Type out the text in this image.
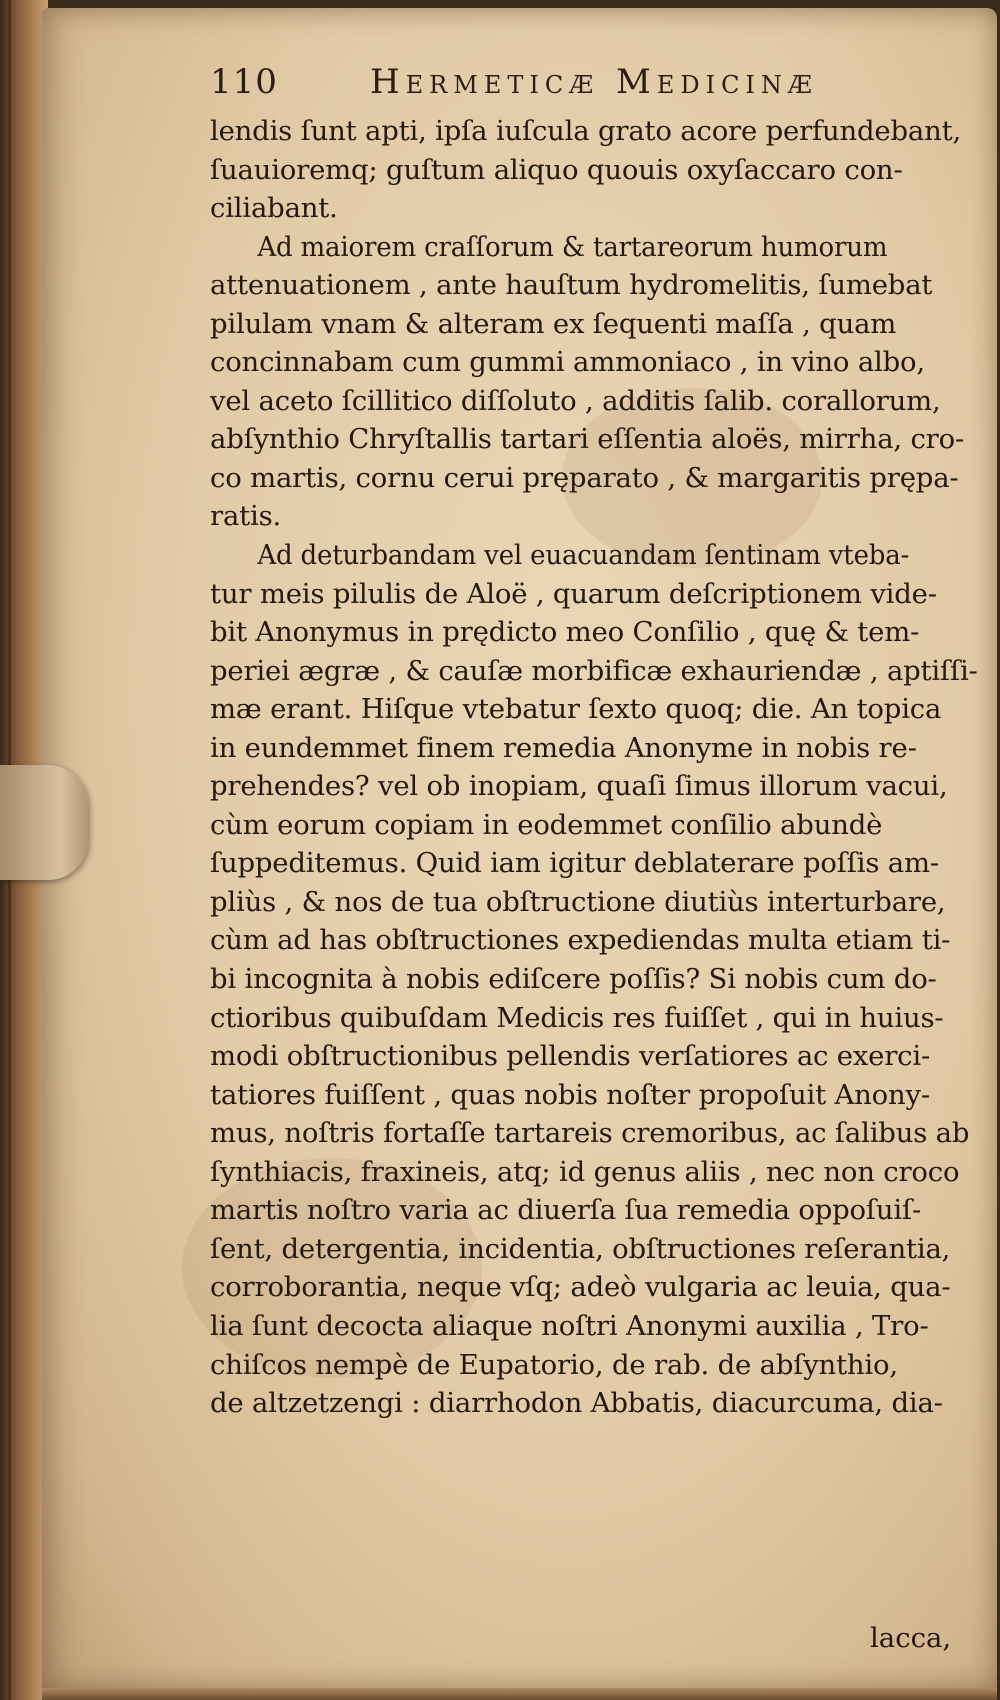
110	Hermeticæ Medicinæ
lendis ſunt apti, ipſa iuſcula grato acore perfundebant,
ſuauioremq; guſtum aliquo quouis oxyſaccaro con-
ciliabant.
Ad maiorem craſſorum & tartareorum humorum
attenuationem , ante hauſtum hydromelitis, ſumebat
pilulam vnam & alteram ex ſequenti maſſa , quam
concinnabam cum gummi ammoniaco , in vino albo,
vel aceto ſcillitico diſſoluto , additis ſalib. corallorum,
abſynthio Chryſtallis tartari eſſentia aloës, mirrha, cro-
co martis, cornu cerui pręparato , & margaritis prępa-
ratis.
Ad deturbandam vel euacuandam ſentinam vteba-
tur meis pilulis de Aloë , quarum deſcriptionem vide-
bit Anonymus in prędicto meo Conſilio , quę & tem-
periei ægræ , & cauſæ morbificæ exhauriendæ , aptiſſi-
mæ erant. Hiſque vtebatur ſexto quoq; die. An topica
in eundemmet finem remedia Anonyme in nobis re-
prehendes? vel ob inopiam, quaſi ſimus illorum vacui,
cùm eorum copiam in eodemmet conſilio abundè
ſuppeditemus. Quid iam igitur deblaterare poſſis am-
pliùs , & nos de tua obſtructione diutiùs interturbare,
cùm ad has obſtructiones expediendas multa etiam ti-
bi incognita à nobis ediſcere poſſis? Si nobis cum do-
ctioribus quibuſdam Medicis res fuiſſet , qui in huius-
modi obſtructionibus pellendis verſatiores ac exerci-
tatiores fuiſſent , quas nobis noſter propoſuit Anony-
mus, noſtris fortaſſe tartareis cremoribus, ac ſalibus ab
ſynthiacis, fraxineis, atq; id genus aliis , nec non croco
martis noſtro varia ac diuerſa ſua remedia oppoſuiſ-
ſent, detergentia, incidentia, obſtructiones reſerantia,
corroborantia, neque vſq; adeò vulgaria ac leuia, qua-
lia ſunt decocta aliaque noſtri Anonymi auxilia , Tro-
chiſcos nempè de Eupatorio, de rab. de abſynthio,
de altzetzengi : diarrhodon Abbatis, diacurcuma, dia-
lacca,
